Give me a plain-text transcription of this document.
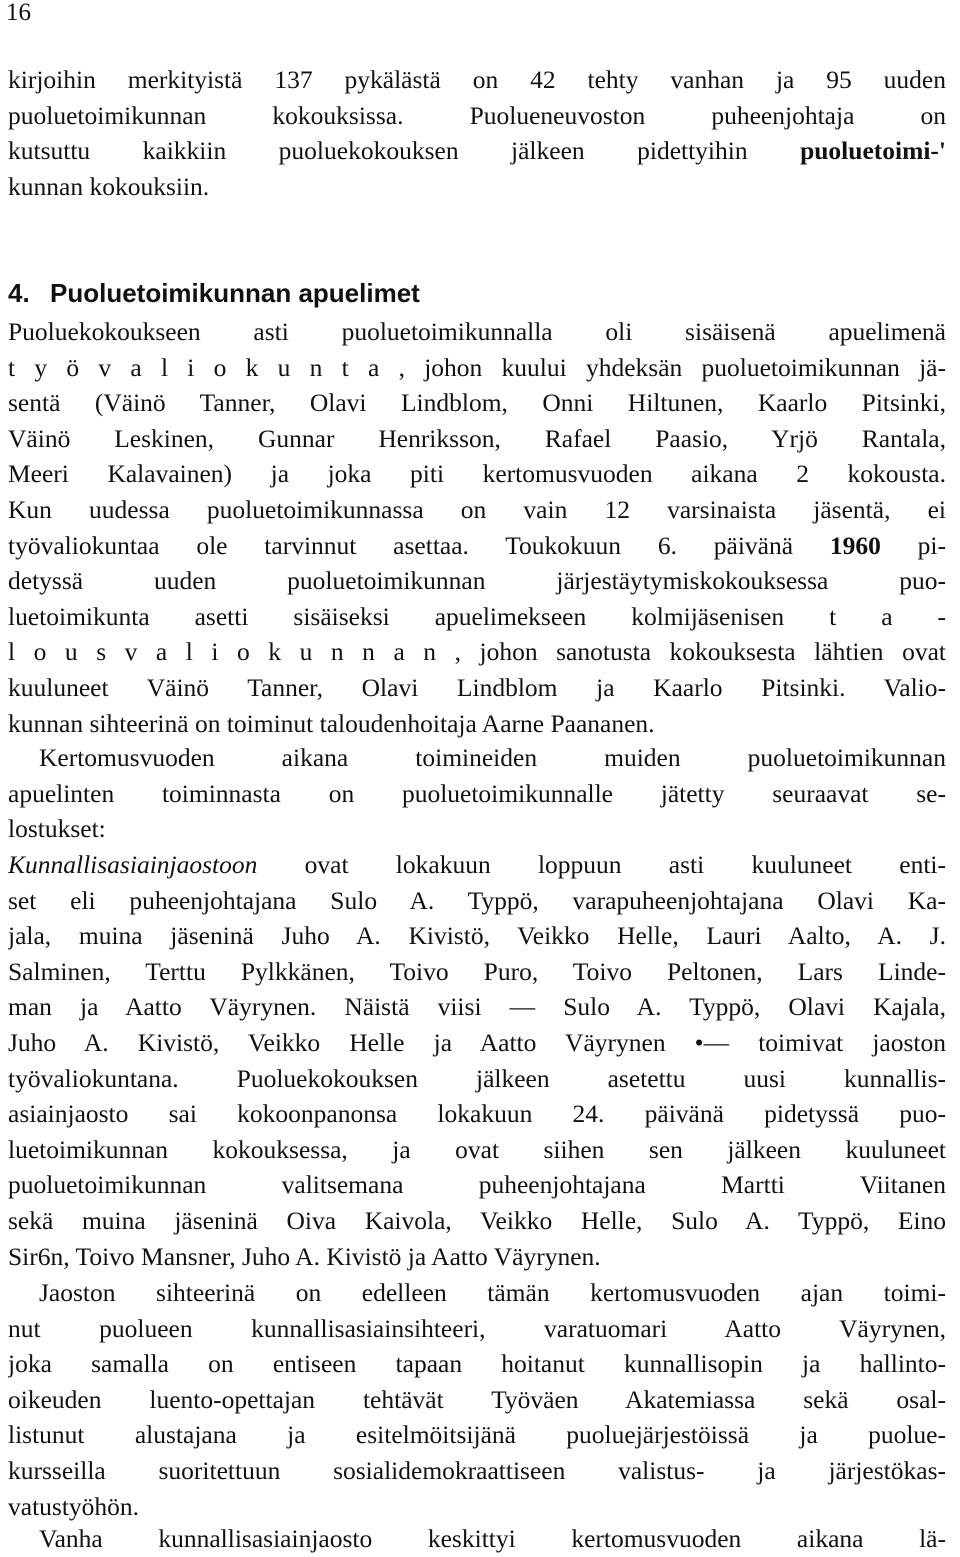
16
kirjoihin merkityistä 137 pykälästä on 42 tehty vanhan ja 95 uuden
puoluetoimikunnan kokouksissa. Puolueneuvoston puheenjohtaja on
kutsuttu kaikkiin puoluekokouksen jälkeen pidettyihin puoluetoimi-'
kunnan kokouksiin.
4. Puoluetoimikunnan apuelimet
Puoluekokoukseen asti puoluetoimikunnalla oli sisäisenä apuelimenä
t y ö v a l i o k u n t a , johon kuului yhdeksän puoluetoimikunnan jä-
sentä (Väinö Tanner, Olavi Lindblom, Onni Hiltunen, Kaarlo Pitsinki,
Väinö Leskinen, Gunnar Henriksson, Rafael Paasio, Yrjö Rantala,
Meeri Kalavainen) ja joka piti kertomusvuoden aikana 2 kokousta.
Kun uudessa puoluetoimikunnassa on vain 12 varsinaista jäsentä, ei
työvaliokuntaa ole tarvinnut asettaa. Toukokuun 6. päivänä 1960 pi-
detyssä uuden puoluetoimikunnan järjestäytymiskokouksessa puo-
luetoimikunta asetti sisäiseksi apuelimekseen kolmijäsenisen t a -
l o u s v a l i o k u n n a n , johon sanotusta kokouksesta lähtien ovat
kuuluneet Väinö Tanner, Olavi Lindblom ja Kaarlo Pitsinki. Valio-
kunnan sihteerinä on toiminut taloudenhoitaja Aarne Paananen.
Kertomusvuoden aikana toimineiden muiden puoluetoimikunnan
apuelinten toiminnasta on puoluetoimikunnalle jätetty seuraavat se-
lostukset:
Kunnallisasiainjaostoon ovat lokakuun loppuun asti kuuluneet enti-
set eli puheenjohtajana Sulo A. Typpö, varapuheenjohtajana Olavi Ka-
jala, muina jäseninä Juho A. Kivistö, Veikko Helle, Lauri Aalto, A. J.
Salminen, Terttu Pylkkänen, Toivo Puro, Toivo Peltonen, Lars Linde-
man ja Aatto Väyrynen. Näistä viisi — Sulo A. Typpö, Olavi Kajala,
Juho A. Kivistö, Veikko Helle ja Aatto Väyrynen •— toimivat jaoston
työvaliokuntana. Puoluekokouksen jälkeen asetettu uusi kunnallis-
asiainjaosto sai kokoonpanonsa lokakuun 24. päivänä pidetyssä puo-
luetoimikunnan kokouksessa, ja ovat siihen sen jälkeen kuuluneet
puoluetoimikunnan valitsemana puheenjohtajana Martti Viitanen
sekä muina jäseninä Oiva Kaivola, Veikko Helle, Sulo A. Typpö, Eino
Sir6n, Toivo Mansner, Juho A. Kivistö ja Aatto Väyrynen.
Jaoston sihteerinä on edelleen tämän kertomusvuoden ajan toimi-
nut puolueen kunnallisasiainsihteeri, varatuomari Aatto Väyrynen,
joka samalla on entiseen tapaan hoitanut kunnallisopin ja hallinto-
oikeuden luento-opettajan tehtävät Työväen Akatemiassa sekä osal-
listunut alustajana ja esitelmöitsijänä puoluejärjestöissä ja puolue-
kursseilla suoritettuun sosialidemokraattiseen valistus- ja järjestökas-
vatustyöhön.
Vanha kunnallisasiainjaosto keskittyi kertomusvuoden aikana lä-
